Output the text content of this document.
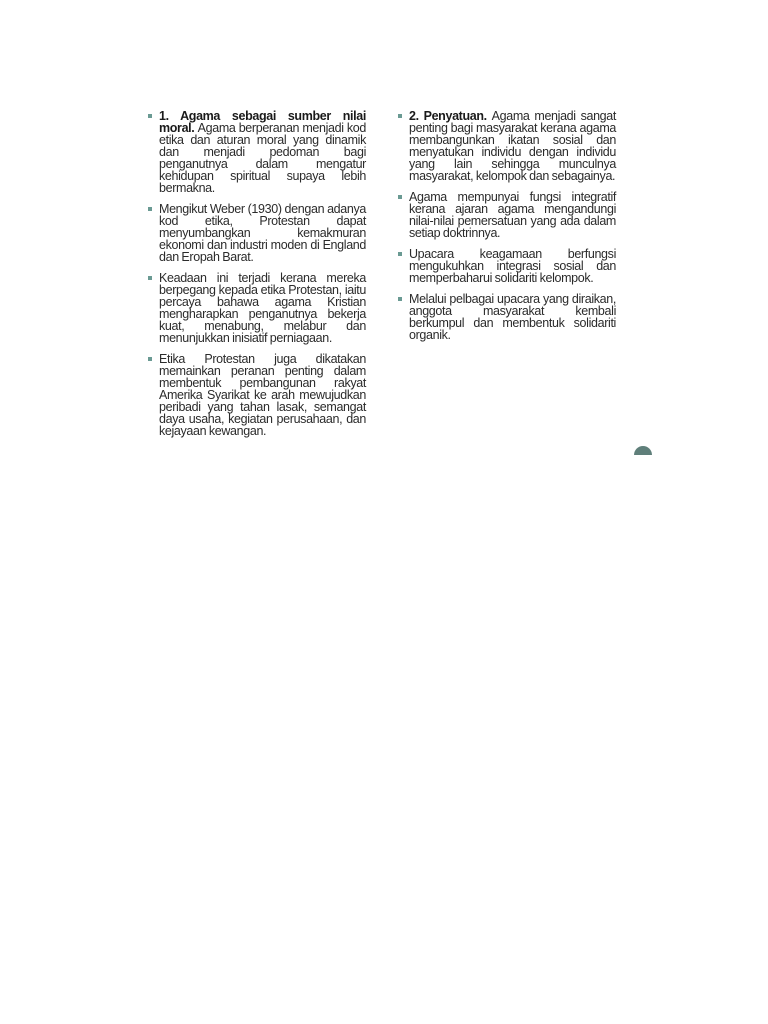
1. Agama sebagai sumber nilai moral. Agama berperanan menjadi kod etika dan aturan moral yang dinamik dan menjadi pedoman bagi penganutnya dalam mengatur kehidupan spiritual supaya lebih bermakna.
Mengikut Weber (1930) dengan adanya kod etika, Protestan dapat menyumbangkan kemakmuran ekonomi dan industri moden di England dan Eropah Barat.
Keadaan ini terjadi kerana mereka berpegang kepada etika Protestan, iaitu percaya bahawa agama Kristian mengharapkan penganutnya bekerja kuat, menabung, melabur dan menunjukkan inisiatif perniagaan.
Etika Protestan juga dikatakan memainkan peranan penting dalam membentuk pembangunan rakyat Amerika Syarikat ke arah mewujudkan peribadi yang tahan lasak, semangat daya usaha, kegiatan perusahaan, dan kejayaan kewangan.
2. Penyatuan. Agama menjadi sangat penting bagi masyarakat kerana agama membangunkan ikatan sosial dan menyatukan individu dengan individu yang lain sehingga munculnya masyarakat, kelompok dan sebagainya.
Agama mempunyai fungsi integratif kerana ajaran agama mengandungi nilai-nilai pemersatuan yang ada dalam setiap doktrinnya.
Upacara keagamaan berfungsi mengukuhkan integrasi sosial dan memperbaharui solidariti kelompok.
Melalui pelbagai upacara yang diraikan, anggota masyarakat kembali berkumpul dan membentuk solidariti organik.
